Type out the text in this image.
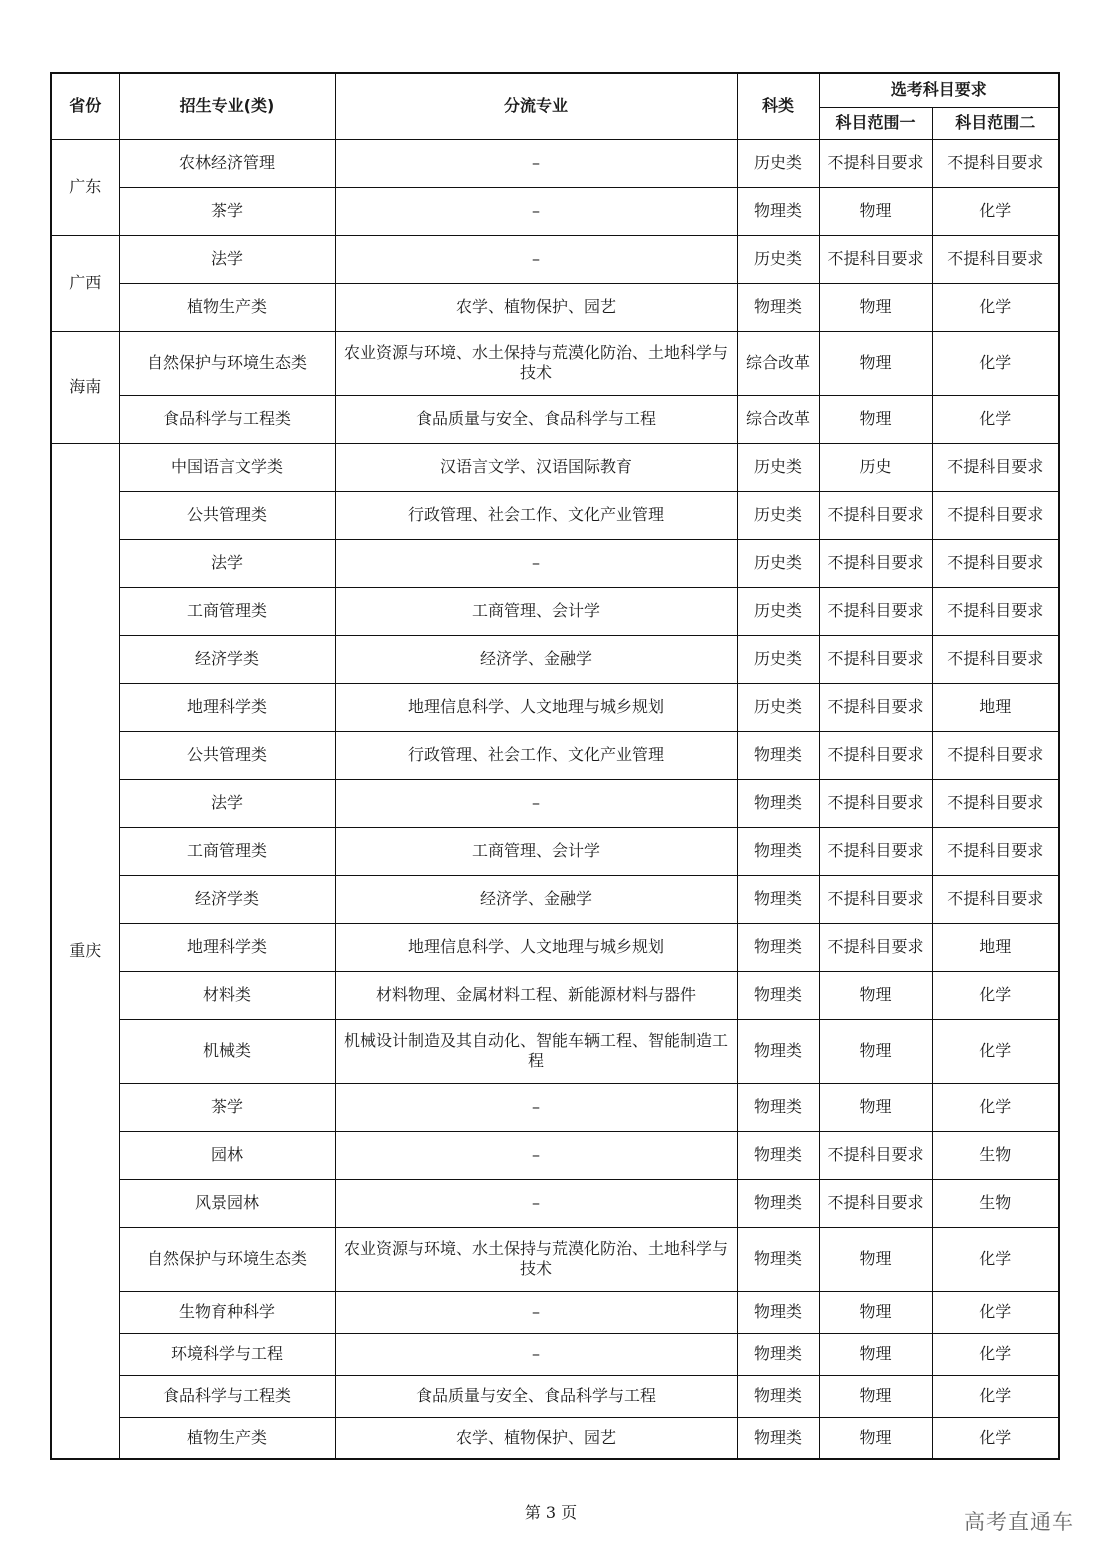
省份	招生专业(类)	分流专业	科类	选考科目要求	
				科目范围一	科目范围二
广东	农林经济管理	–	历史类	不提科目要求	不提科目要求
	茶学	–	物理类	物理	化学
广西	法学	–	历史类	不提科目要求	不提科目要求
	植物生产类	农学、植物保护、园艺	物理类	物理	化学
海南	自然保护与环境生态类	农业资源与环境、水土保持与荒漠化防治、土地科学与技术	综合改革	物理	化学
	食品科学与工程类	食品质量与安全、食品科学与工程	综合改革	物理	化学
重庆	中国语言文学类	汉语言文学、汉语国际教育	历史类	历史	不提科目要求
	公共管理类	行政管理、社会工作、文化产业管理	历史类	不提科目要求	不提科目要求
	法学	–	历史类	不提科目要求	不提科目要求
	工商管理类	工商管理、会计学	历史类	不提科目要求	不提科目要求
	经济学类	经济学、金融学	历史类	不提科目要求	不提科目要求
	地理科学类	地理信息科学、人文地理与城乡规划	历史类	不提科目要求	地理
	公共管理类	行政管理、社会工作、文化产业管理	物理类	不提科目要求	不提科目要求
	法学	–	物理类	不提科目要求	不提科目要求
	工商管理类	工商管理、会计学	物理类	不提科目要求	不提科目要求
	经济学类	经济学、金融学	物理类	不提科目要求	不提科目要求
	地理科学类	地理信息科学、人文地理与城乡规划	物理类	不提科目要求	地理
	材料类	材料物理、金属材料工程、新能源材料与器件	物理类	物理	化学
	机械类	机械设计制造及其自动化、智能车辆工程、智能制造工程	物理类	物理	化学
	茶学	–	物理类	物理	化学
	园林	–	物理类	不提科目要求	生物
	风景园林	–	物理类	不提科目要求	生物
	自然保护与环境生态类	农业资源与环境、水土保持与荒漠化防治、土地科学与技术	物理类	物理	化学
	生物育种科学	–	物理类	物理	化学
	环境科学与工程	–	物理类	物理	化学
	食品科学与工程类	食品质量与安全、食品科学与工程	物理类	物理	化学
	植物生产类	农学、植物保护、园艺	物理类	物理	化学
第 3 页	高考直通车
